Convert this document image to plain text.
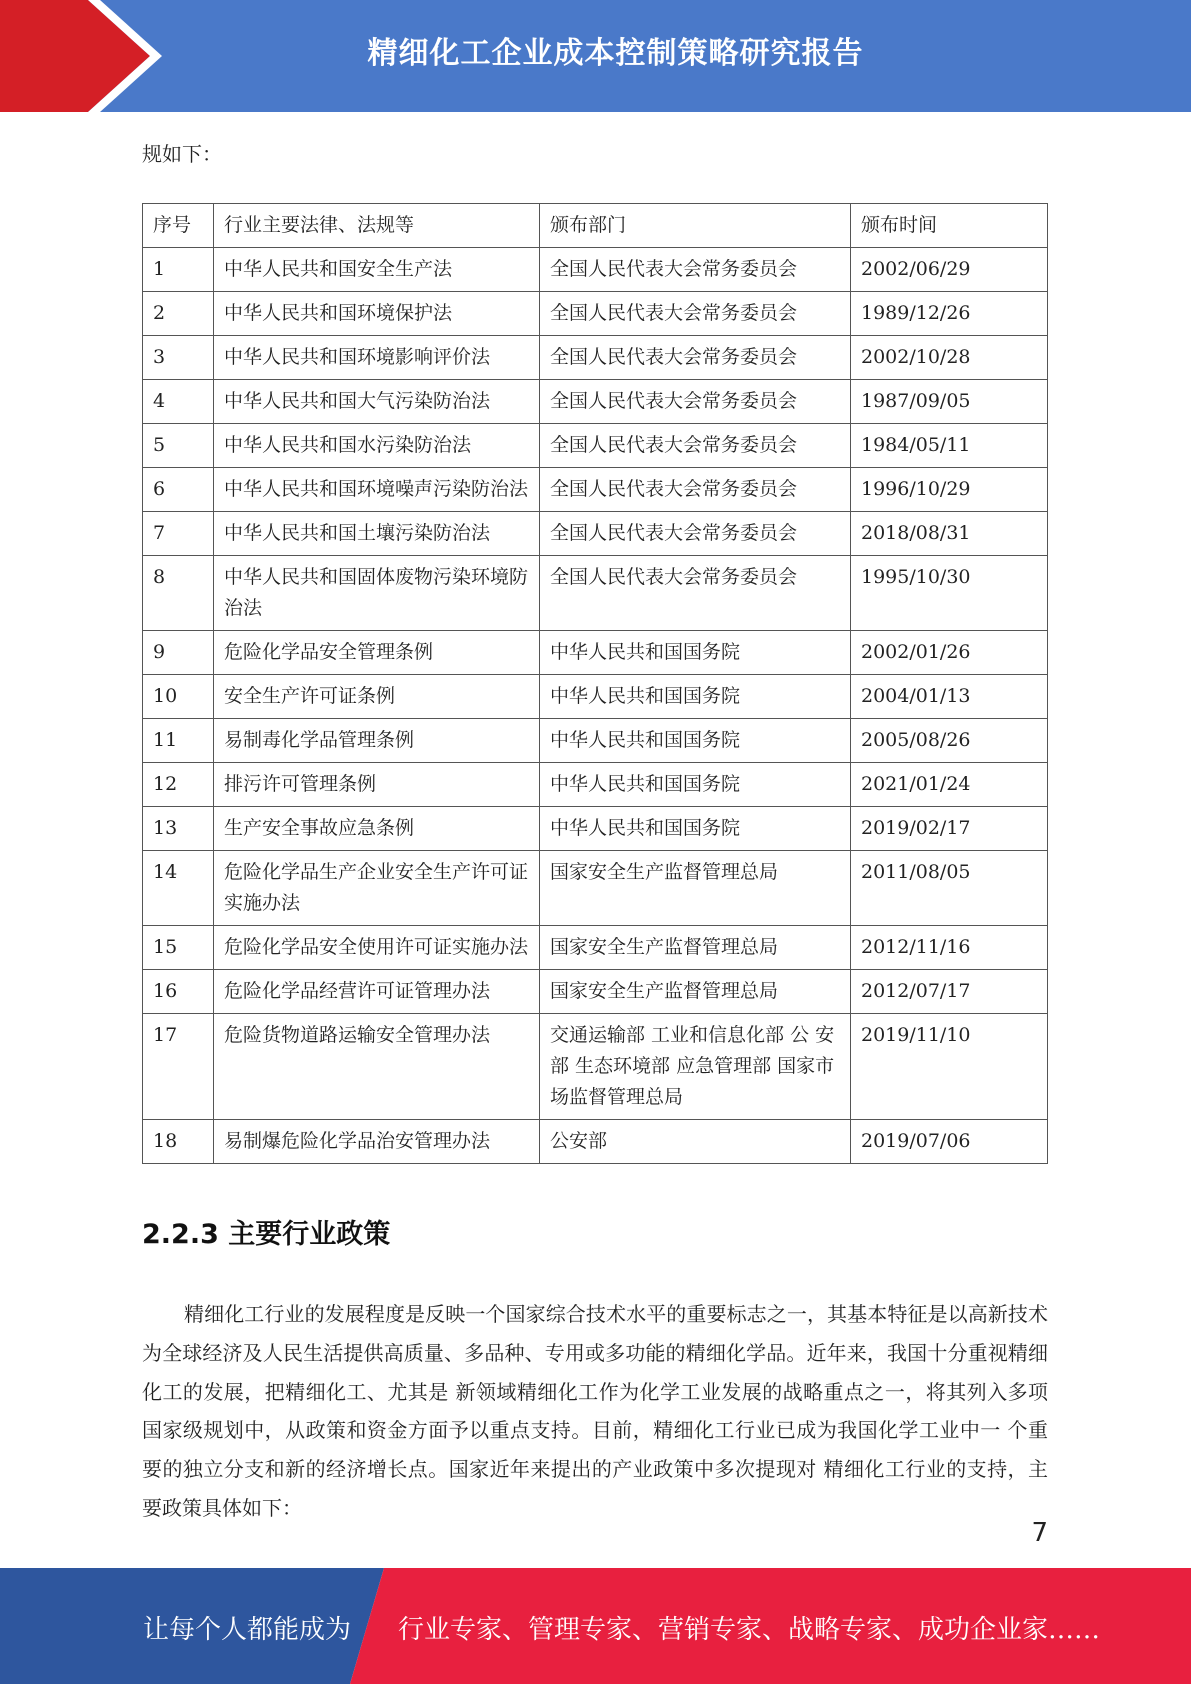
精细化工企业成本控制策略研究报告
规如下：
序号	行业主要法律、法规等	颁布部门	颁布时间
1	中华人民共和国安全生产法	全国人民代表大会常务委员会	2002/06/29
2	中华人民共和国环境保护法	全国人民代表大会常务委员会	1989/12/26
3	中华人民共和国环境影响评价法	全国人民代表大会常务委员会	2002/10/28
4	中华人民共和国大气污染防治法	全国人民代表大会常务委员会	1987/09/05
5	中华人民共和国水污染防治法	全国人民代表大会常务委员会	1984/05/11
6	中华人民共和国环境噪声污染防治法	全国人民代表大会常务委员会	1996/10/29
7	中华人民共和国土壤污染防治法	全国人民代表大会常务委员会	2018/08/31
8	中华人民共和国固体废物污染环境防治法	全国人民代表大会常务委员会	1995/10/30
9	危险化学品安全管理条例	中华人民共和国国务院	2002/01/26
10	安全生产许可证条例	中华人民共和国国务院	2004/01/13
11	易制毒化学品管理条例	中华人民共和国国务院	2005/08/26
12	排污许可管理条例	中华人民共和国国务院	2021/01/24
13	生产安全事故应急条例	中华人民共和国国务院	2019/02/17
14	危险化学品生产企业安全生产许可证实施办法	国家安全生产监督管理总局	2011/08/05
15	危险化学品安全使用许可证实施办法	国家安全生产监督管理总局	2012/11/16
16	危险化学品经营许可证管理办法	国家安全生产监督管理总局	2012/07/17
17	危险货物道路运输安全管理办法	交通运输部 工业和信息化部 公 安部 生态环境部 应急管理部 国家市场监督管理总局	2019/11/10
18	易制爆危险化学品治安管理办法	公安部	2019/07/06
2.2.3 主要行业政策
精细化工行业的发展程度是反映一个国家综合技术水平的重要标志之一，其基本特征是以高新技术为全球经济及人民生活提供高质量、多品种、专用或多功能的精细化学品。近年来，我国十分重视精细化工的发展，把精细化工、尤其是 新领域精细化工作为化学工业发展的战略重点之一，将其列入多项国家级规划中，从政策和资金方面予以重点支持。目前，精细化工行业已成为我国化学工业中一 个重要的独立分支和新的经济增长点。国家近年来提出的产业政策中多次提现对 精细化工行业的支持，主要政策具体如下：
7
让每个人都能成为 行业专家、管理专家、营销专家、战略专家、成功企业家……
